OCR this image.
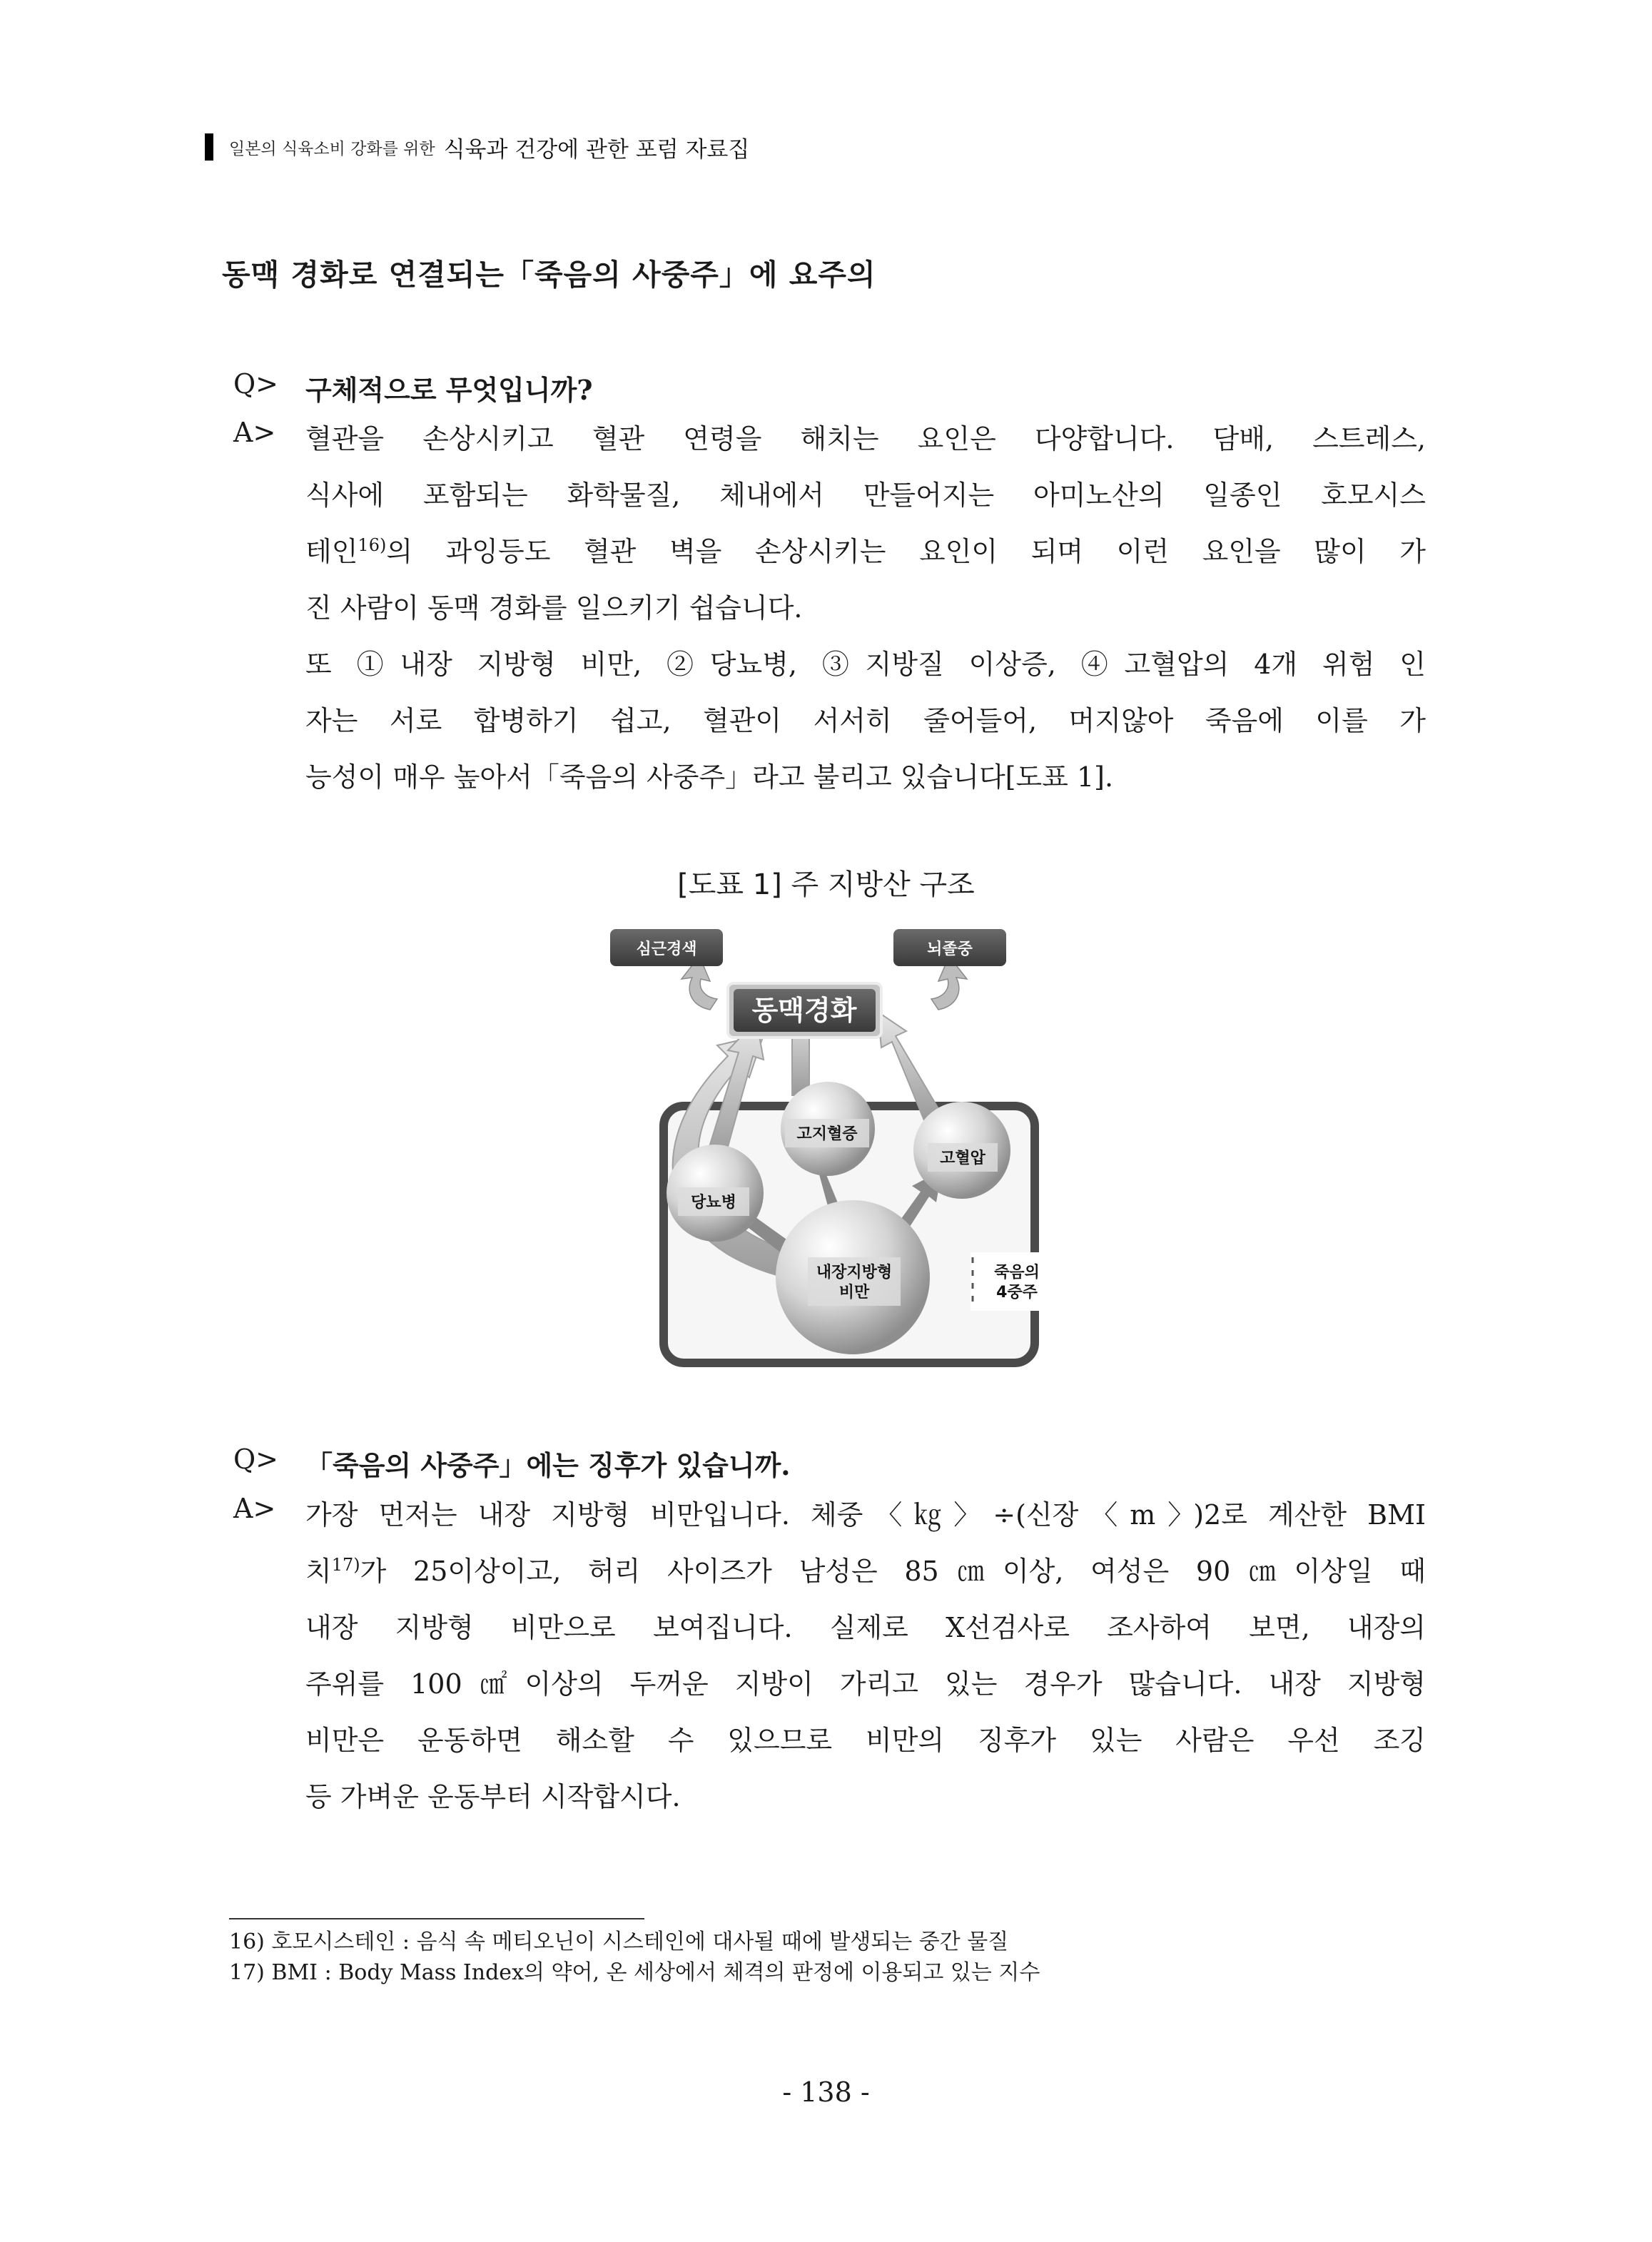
일본의 식육소비 강화를 위한 식육과 건강에 관한 포럼 자료집
동맥 경화로 연결되는「죽음의 사중주」에 요주의
Q> 구체적으로 무엇입니까?
A> 혈관을 손상시키고 혈관 연령을 해치는 요인은 다양합니다. 담배, 스트레스,
식사에 포함되는 화학물질, 체내에서 만들어지는 아미노산의 일종인 호모시스
테인$^{16)}$의 과잉등도 혈관 벽을 손상시키는 요인이 되며 이런 요인을 많이 가
진 사람이 동맥 경화를 일으키기 쉽습니다.
또 ①내장 지방형 비만, ②당뇨병, ③지방질 이상증, ④고혈압의 4개 위험 인
자는 서로 합병하기 쉽고, 혈관이 서서히 줄어들어, 머지않아 죽음에 이를 가
능성이 매우 높아서「죽음의 사중주」라고 불리고 있습니다[도표 1].
[도표 1] 주 지방산 구조
심근경색	뇌졸중
동맥경화
고지혈증
고혈압
당뇨병
내장지방형
비만
죽음의
4중주
Q> 「죽음의 사중주」에는 징후가 있습니까.
A> 가장 먼저는 내장 지방형 비만입니다. 체중〈㎏〉÷(신장〈m〉)2로 계산한 BMI
치$^{17)}$가 25이상이고, 허리 사이즈가 남성은 85㎝이상, 여성은 90㎝이상일 때
내장 지방형 비만으로 보여집니다. 실제로 X선검사로 조사하여 보면, 내장의
주위를 100㎠이상의 두꺼운 지방이 가리고 있는 경우가 많습니다. 내장 지방형
비만은 운동하면 해소할 수 있으므로 비만의 징후가 있는 사람은 우선 조깅
등 가벼운 운동부터 시작합시다.
16) 호모시스테인 : 음식 속 메티오닌이 시스테인에 대사될 때에 발생되는 중간 물질
17) BMI : Body Mass Index의 약어, 온 세상에서 체격의 판정에 이용되고 있는 지수
- 138 -
